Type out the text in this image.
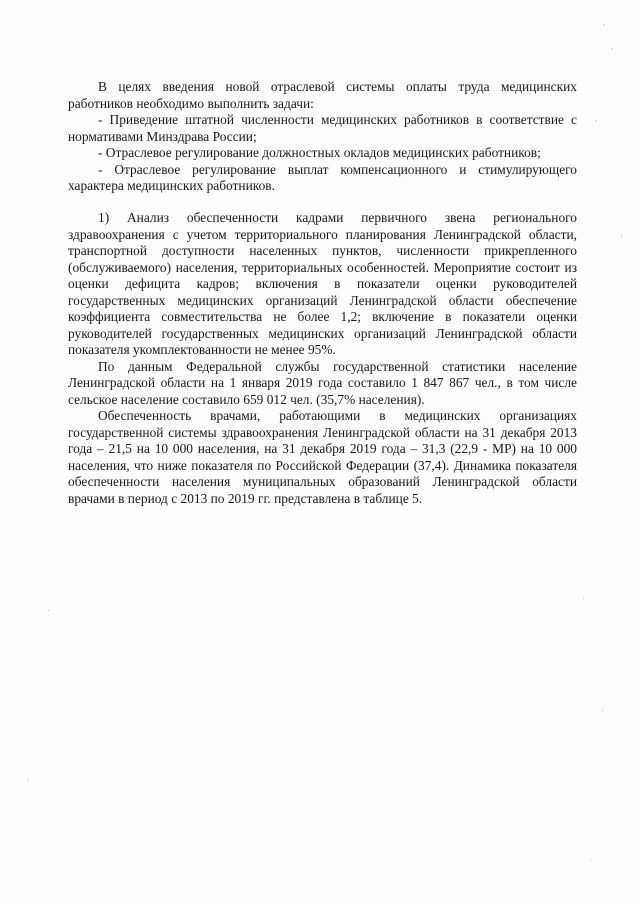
В целях введения новой отраслевой системы оплаты труда медицинских работников необходимо выполнить задачи:

- Приведение штатной численности медицинских работников в соответствие с нормативами Минздрава России;

- Отраслевое регулирование должностных окладов медицинских работников;

- Отраслевое регулирование выплат компенсационного и стимулирующего характера медицинских работников.

1) Анализ обеспеченности кадрами первичного звена регионального здравоохранения с учетом территориального планирования Ленинградской области, транспортной доступности населенных пунктов, численности прикрепленного (обслуживаемого) населения, территориальных особенностей. Мероприятие состоит из оценки дефицита кадров; включения в показатели оценки руководителей государственных медицинских организаций Ленинградской области обеспечение коэффициента совместительства не более 1,2; включение в показатели оценки руководителей государственных медицинских организаций Ленинградской области показателя укомплектованности не менее 95%.

По данным Федеральной службы государственной статистики население Ленинградской области на 1 января 2019 года составило 1 847 867 чел., в том числе сельское население составило 659 012 чел. (35,7% населения).

Обеспеченность врачами, работающими в медицинских организациях государственной системы здравоохранения Ленинградской области на 31 декабря 2013 года – 21,5 на 10 000 населения, на 31 декабря 2019 года – 31,3 (22,9 - МР) на 10 000 населения, что ниже показателя по Российской Федерации (37,4). Динамика показателя обеспеченности населения муниципальных образований Ленинградской области врачами в период с 2013 по 2019 гг. представлена в таблице 5.
